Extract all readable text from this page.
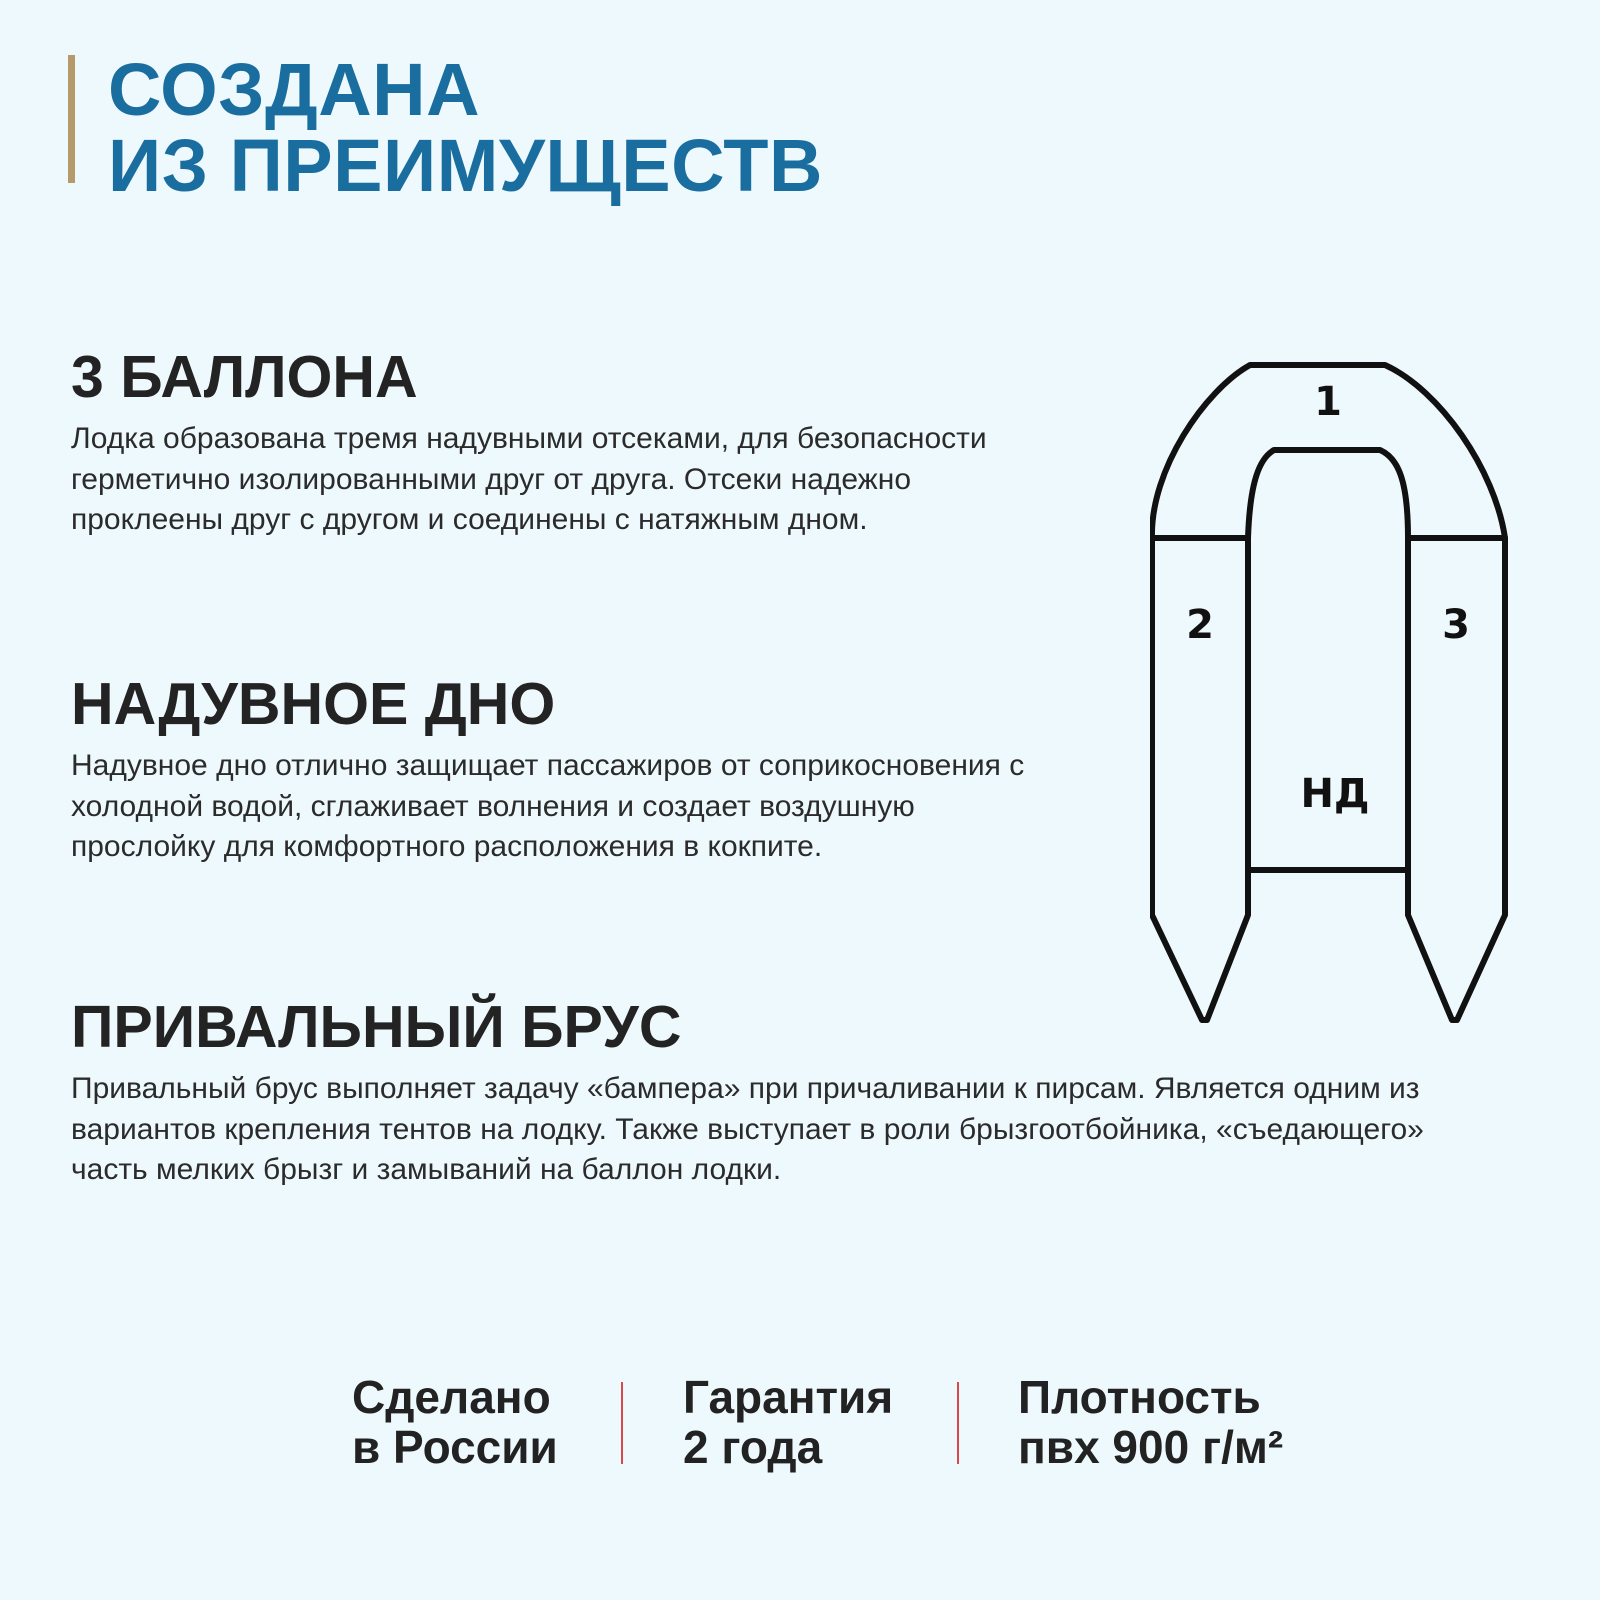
СОЗДАНА
ИЗ ПРЕИМУЩЕСТВ
3 БАЛЛОНА

Лодка образована тремя надувными отсеками, для безопасности герметично изолированными друг от друга. Отсеки надежно проклеены друг с другом и соединены с натяжным дном.

НАДУВНОЕ ДНО

Надувное дно отлично защищает пассажиров от соприкосновения с холодной водой, сглаживает волнения и создает воздушную прослойку для комфортного расположения в кокпите.

ПРИВАЛЬНЫЙ БРУС

Привальный брус выполняет задачу «бампера» при причаливании к пирсам. Является одним из вариантов крепления тентов на лодку. Также выступает в роли брызгоотбойника, «съедающего» часть мелких брызг и замываний на баллон лодки.

1
2	3
НД
Сделано
в России
Гарантия
2 года
Плотность
пвх 900 г/м²
